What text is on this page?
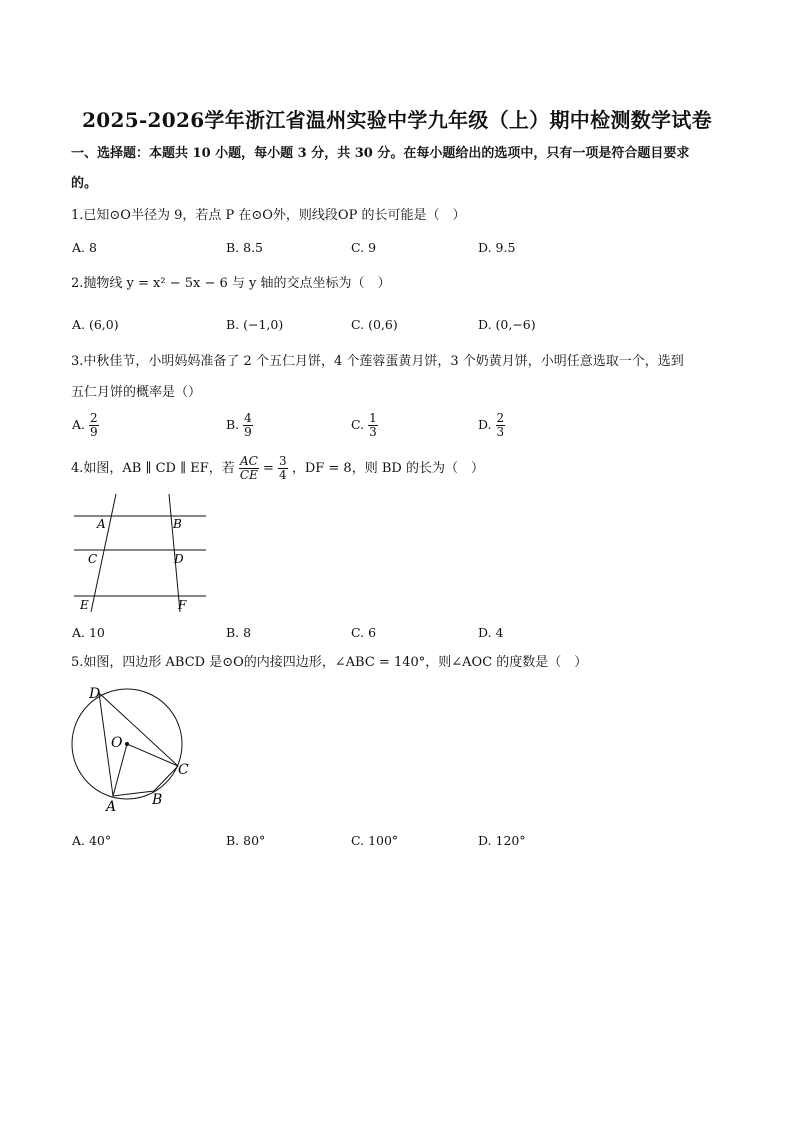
2025-2026学年浙江省温州实验中学九年级（上）期中检测数学试卷
一、选择题：本题共 10 小题，每小题 3 分，共 30 分。在每小题给出的选项中，只有一项是符合题目要求
的。
1.已知⊙O半径为 9，若点 P 在⊙O外，则线段OP 的长可能是（　）
A. 8	B. 8.5	C. 9	D. 9.5
2.抛物线 y = x² − 5x − 6 与 y 轴的交点坐标为（　）
A. (6,0)	B. (−1,0)	C. (0,6)	D. (0,−6)
3.中秋佳节，小明妈妈准备了 2 个五仁月饼，4 个莲蓉蛋黄月饼，3 个奶黄月饼，小明任意选取一个，选到
五仁月饼的概率是（）
A. $\frac{2}{9}$	B. $\frac{4}{9}$	C. $\frac{1}{3}$	D. $\frac{2}{3}$
4.如图，AB ∥ CD ∥ EF，若 $\frac{AC}{CE} = \frac{3}{4}$ ，DF = 8，则 BD 的长为（　）
A	B
C	D
E	F
A. 10	B. 8	C. 6	D. 4
5.如图，四边形 ABCD 是⊙O的内接四边形，∠ABC = 140°，则∠AOC 的度数是（　）
D
O
C
A	B
A. 40°	B. 80°	C. 100°	D. 120°
